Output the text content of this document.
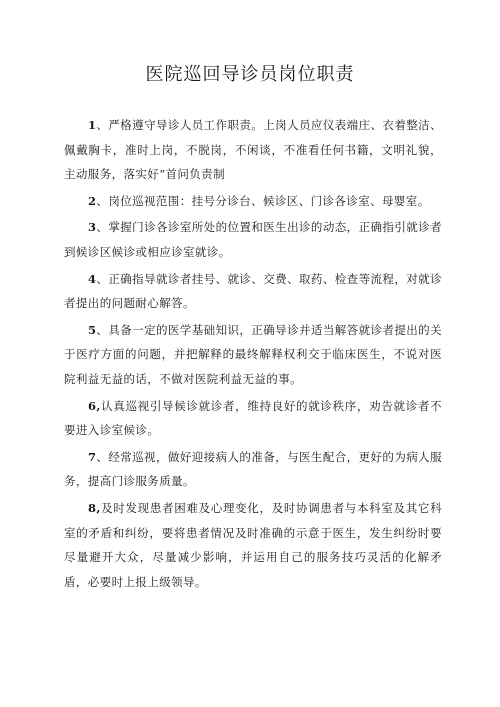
医院巡回导诊员岗位职责

1、严格遵守导诊人员工作职责。上岗人员应仪表端庄、衣着整洁、佩戴胸卡，准时上岗，不脱岗，不闲谈，不准看任何书籍，文明礼貌，主动服务，落实好“首问负责制

2、岗位巡视范围：挂号分诊台、候诊区、门诊各诊室、母婴室。

3、掌握门诊各诊室所处的位置和医生出诊的动态，正确指引就诊者到候诊区候诊或相应诊室就诊。

4、正确指导就诊者挂号、就诊、交费、取药、检查等流程，对就诊者提出的问题耐心解答。

5、具备一定的医学基础知识，正确导诊并适当解答就诊者提出的关于医疗方面的问题，并把解释的最终解释权利交于临床医生，不说对医院利益无益的话，不做对医院利益无益的事。

6,认真巡视引导候诊就诊者，维持良好的就诊秩序，劝告就诊者不要进入诊室候诊。

7、经常巡视，做好迎接病人的准备，与医生配合，更好的为病人服务，提高门诊服务质量。

8,及时发现患者困难及心理变化，及时协调患者与本科室及其它科室的矛盾和纠纷，要将患者情况及时准确的示意于医生，发生纠纷时要尽量避开大众，尽量减少影响，并运用自己的服务技巧灵活的化解矛盾，必要时上报上级领导。
